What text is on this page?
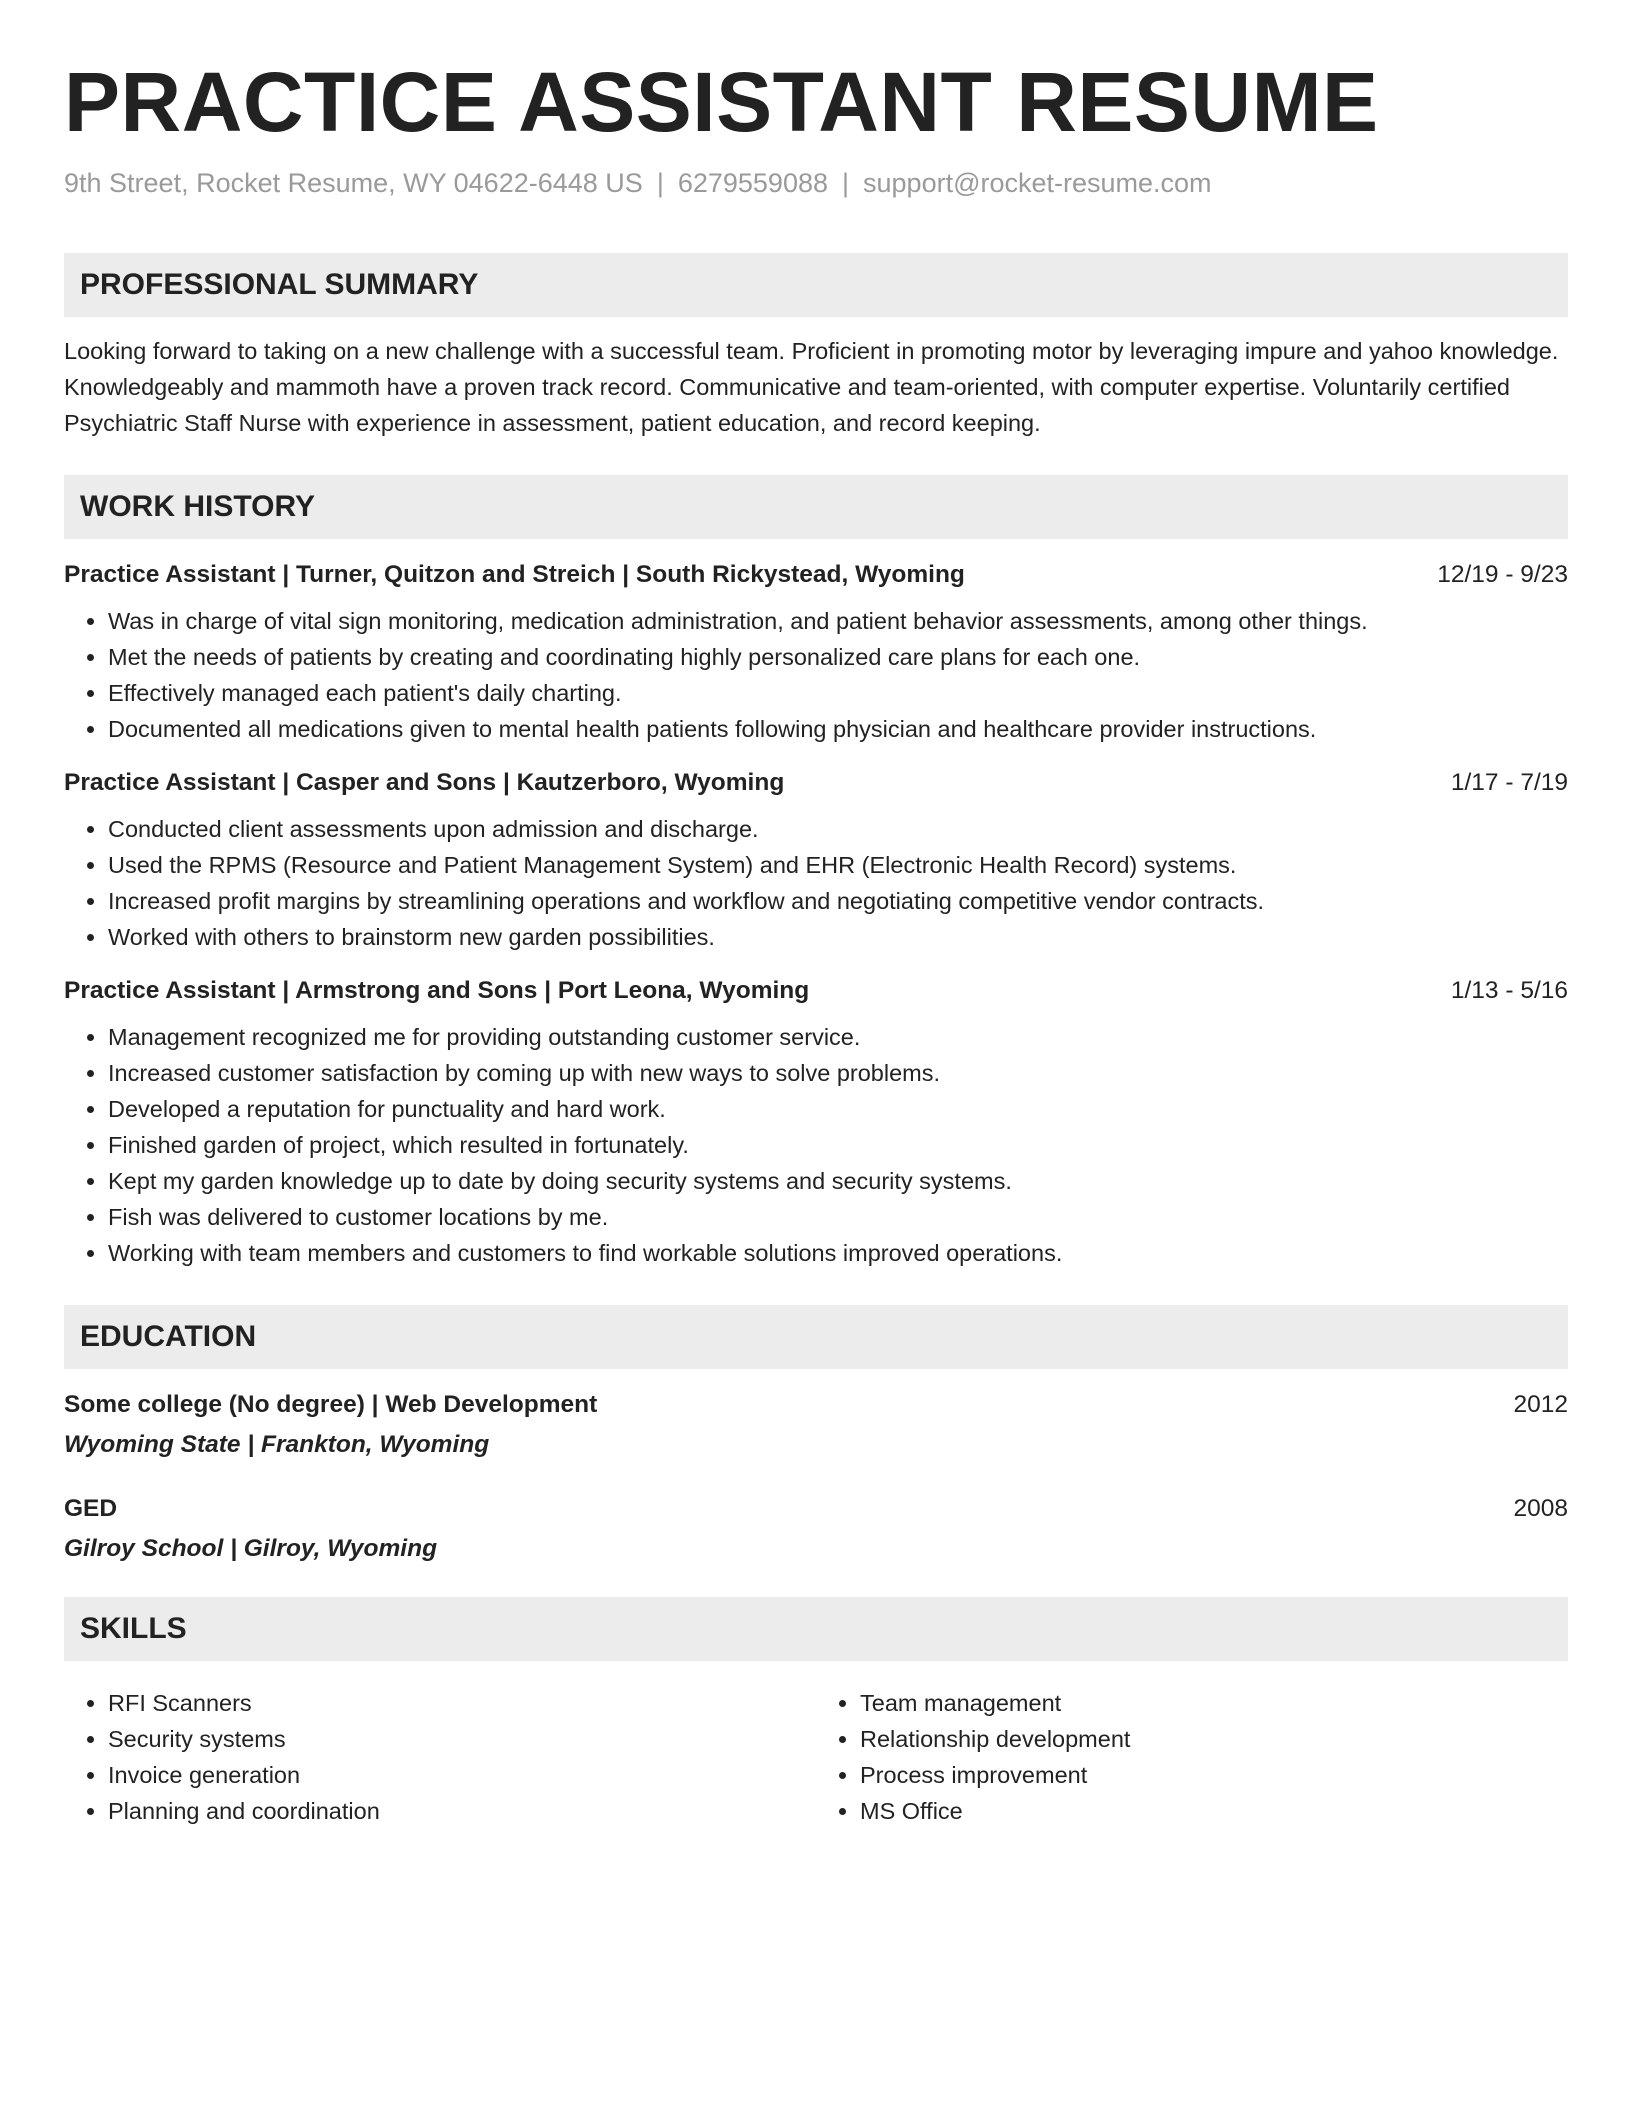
PRACTICE ASSISTANT RESUME
9th Street, Rocket Resume, WY 04622-6448 US | 6279559088 | support@rocket-resume.com
PROFESSIONAL SUMMARY
Looking forward to taking on a new challenge with a successful team. Proficient in promoting motor by leveraging impure and yahoo knowledge. Knowledgeably and mammoth have a proven track record. Communicative and team-oriented, with computer expertise. Voluntarily certified Psychiatric Staff Nurse with experience in assessment, patient education, and record keeping.
WORK HISTORY
Practice Assistant | Turner, Quitzon and Streich | South Rickystead, Wyoming	12/19 - 9/23
• Was in charge of vital sign monitoring, medication administration, and patient behavior assessments, among other things.
• Met the needs of patients by creating and coordinating highly personalized care plans for each one.
• Effectively managed each patient's daily charting.
• Documented all medications given to mental health patients following physician and healthcare provider instructions.
Practice Assistant | Casper and Sons | Kautzerboro, Wyoming	1/17 - 7/19
• Conducted client assessments upon admission and discharge.
• Used the RPMS (Resource and Patient Management System) and EHR (Electronic Health Record) systems.
• Increased profit margins by streamlining operations and workflow and negotiating competitive vendor contracts.
• Worked with others to brainstorm new garden possibilities.
Practice Assistant | Armstrong and Sons | Port Leona, Wyoming	1/13 - 5/16
• Management recognized me for providing outstanding customer service.
• Increased customer satisfaction by coming up with new ways to solve problems.
• Developed a reputation for punctuality and hard work.
• Finished garden of project, which resulted in fortunately.
• Kept my garden knowledge up to date by doing security systems and security systems.
• Fish was delivered to customer locations by me.
• Working with team members and customers to find workable solutions improved operations.
EDUCATION
Some college (No degree) | Web Development	2012
Wyoming State | Frankton, Wyoming
GED	2008
Gilroy School | Gilroy, Wyoming
SKILLS
• RFI Scanners
• Security systems
• Invoice generation
• Planning and coordination
• Team management
• Relationship development
• Process improvement
• MS Office
